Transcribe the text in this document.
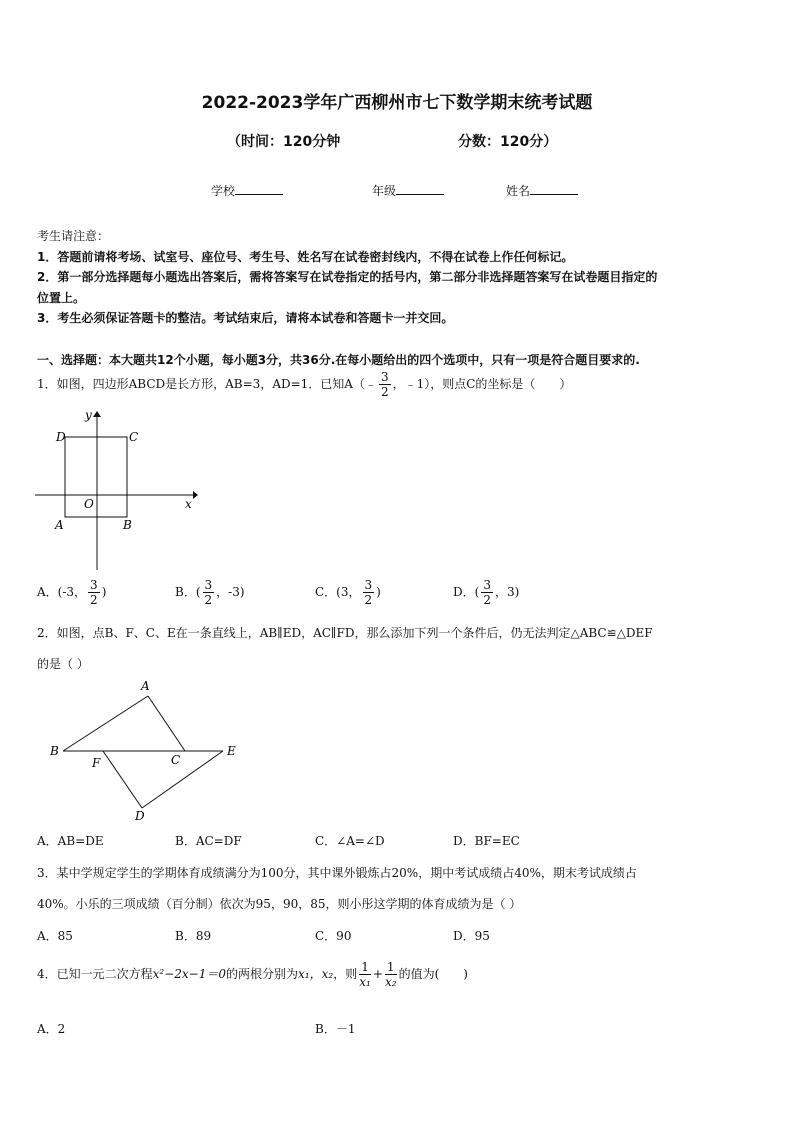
2022-2023学年广西柳州市七下数学期末统考试题
（时间：120分钟	分数：120分）
学校	年级	姓名
考生请注意：
1．答题前请将考场、试室号、座位号、考生号、姓名写在试卷密封线内，不得在试卷上作任何标记。
2．第一部分选择题每小题选出答案后，需将答案写在试卷指定的括号内，第二部分非选择题答案写在试卷题目指定的
位置上。
3．考生必须保证答题卡的整洁。考试结束后，请将本试卷和答题卡一并交回。
一、选择题：本大题共12个小题，每小题3分，共36分.在每小题给出的四个选项中，只有一项是符合题目要求的.
1．如图，四边形ABCD是长方形，AB=3，AD=1．已知A（﹣ $\frac{3}{2}$ ，﹣1），则点C的坐标是（　　）
y
x
D	C
O
A	B
A．(-3， $\frac{3}{2}$ )	B．( $\frac{3}{2}$ ，-3)	C．(3， $\frac{3}{2}$ )	D．( $\frac{3}{2}$ ，3)
2．如图，点B、F、C、E在一条直线上，AB∥ED，AC∥FD，那么添加下列一个条件后，仍无法判定△ABC≌△DEF
的是（ ）
A
B
F	C
E
D
A．AB=DE	B．AC=DF	C．∠A=∠D	D．BF=EC
3．某中学规定学生的学期体育成绩满分为100分，其中课外锻炼占20%，期中考试成绩占40%，期末考试成绩占
40%。小乐的三项成绩（百分制）依次为95，90，85，则小彤这学期的体育成绩为是（ ）
A．85	B．89	C．90	D．95
4．已知一元二次方程x²−2x−1＝0的两根分别为x₁，x₂，则 $\frac{1}{\text{x₁}} + \frac{1}{\text{x₂}}$ 的值为(　　)
A．2	B．－1
